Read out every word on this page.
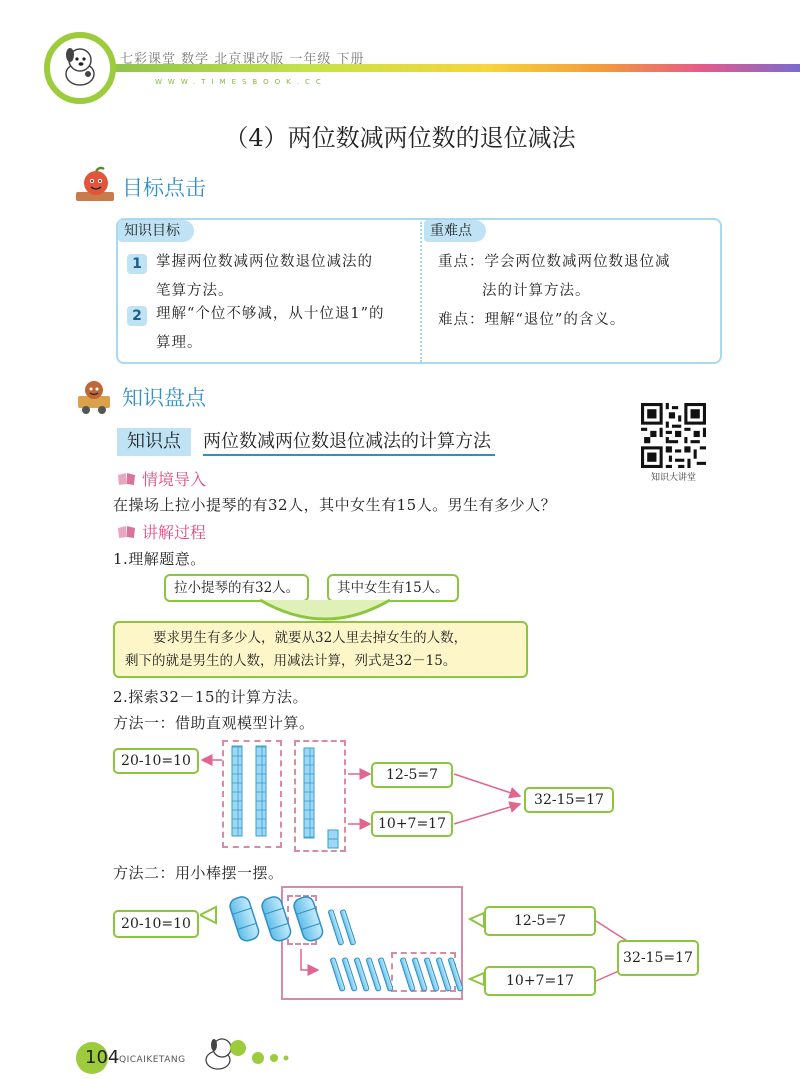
七彩课堂 数学 北京课改版 一年级 下册
WWW.TIMESBOOK.CC
（4）两位数减两位数的退位减法
目标点击
知识目标	重难点
1 掌握两位数减两位数退位减法的
笔算方法。
2 理解“个位不够减，从十位退1”的
算理。
重点：学会两位数减两位数退位减
法的计算方法。
难点：理解“退位”的含义。
知识盘点
知识点	两位数减两位数退位减法的计算方法
知识大讲堂
情境导入
在操场上拉小提琴的有32人，其中女生有15人。男生有多少人？
讲解过程
1.理解题意。
拉小提琴的有32人。	其中女生有15人。
要求男生有多少人，就要从32人里去掉女生的人数，
剩下的就是男生的人数，用减法计算，列式是32－15。
2.探索32－15的计算方法。
方法一：借助直观模型计算。
20-10=10
12-5=7
10+7=17
32-15=17
方法二：用小棒摆一摆。
20-10=10	12-5=7
10+7=17
32-15=17
104 QICAIKETANG
